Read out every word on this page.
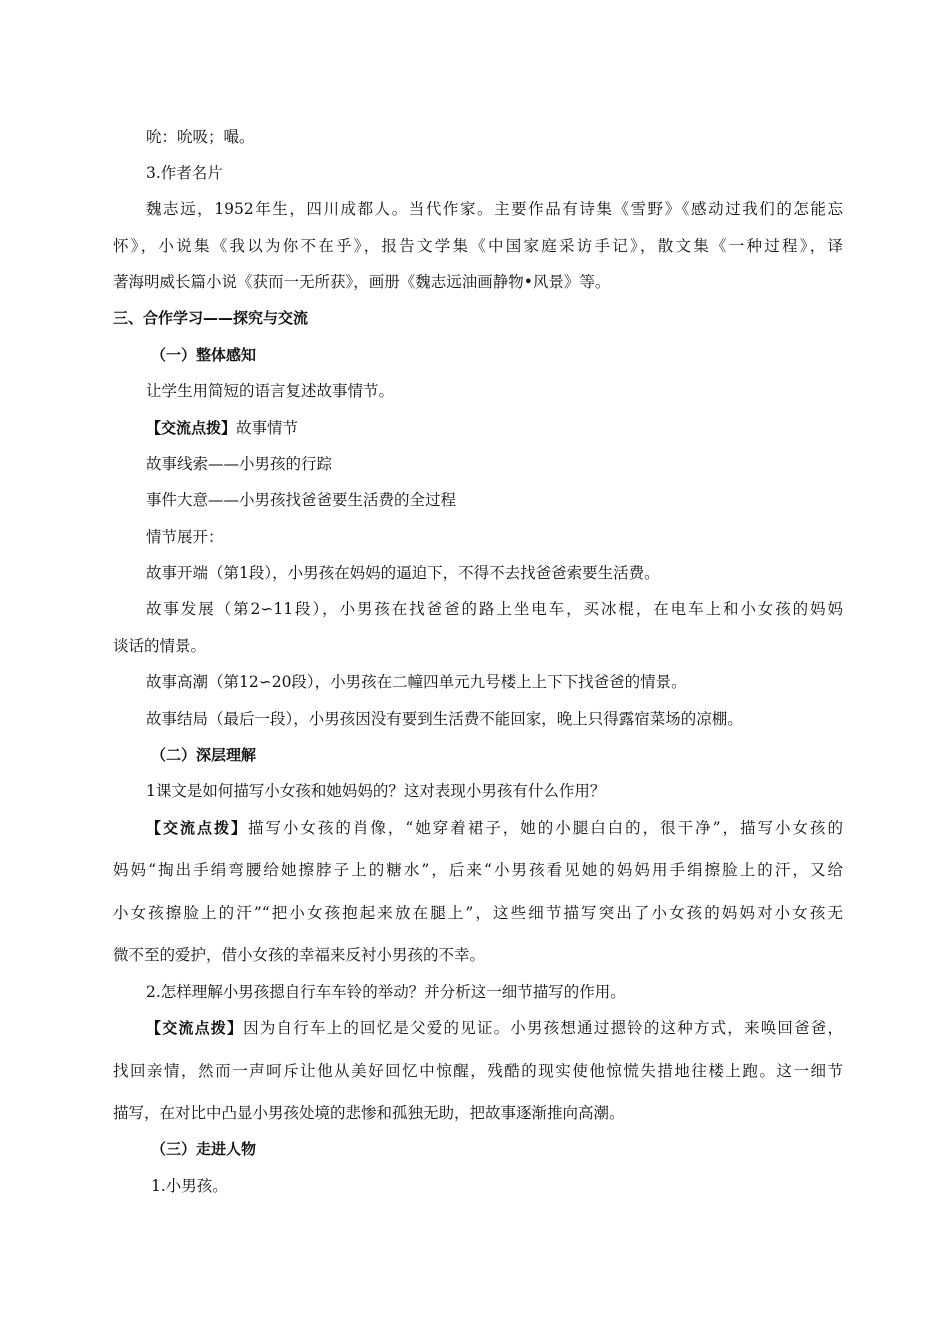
吮：吮吸；嘬。
3.作者名片
魏志远，1952年生，四川成都人。当代作家。主要作品有诗集《雪野》《感动过我们的怎能忘
怀》，小说集《我以为你不在乎》，报告文学集《中国家庭采访手记》，散文集《一种过程》，译
著海明威长篇小说《获而一无所获》，画册《魏志远油画静物•风景》等。
三、合作学习——探究与交流
（一）整体感知
让学生用简短的语言复述故事情节。
【交流点拨】故事情节
故事线索——小男孩的行踪
事件大意——小男孩找爸爸要生活费的全过程
情节展开：
故事开端（第1段），小男孩在妈妈的逼迫下，不得不去找爸爸索要生活费。
故事发展（第2∽11段），小男孩在找爸爸的路上坐电车，买冰棍，在电车上和小女孩的妈妈
谈话的情景。
故事高潮（第12∽20段），小男孩在二幢四单元九号楼上上下下找爸爸的情景。
故事结局（最后一段），小男孩因没有要到生活费不能回家，晚上只得露宿菜场的凉棚。
（二）深层理解
1课文是如何描写小女孩和她妈妈的？这对表现小男孩有什么作用？
【交流点拨】描写小女孩的肖像，“她穿着裙子，她的小腿白白的，很干净”，描写小女孩的
妈妈“掏出手绢弯腰给她擦脖子上的糖水”，后来“小男孩看见她的妈妈用手绢擦脸上的汗，又给
小女孩擦脸上的汗”“把小女孩抱起来放在腿上”，这些细节描写突出了小女孩的妈妈对小女孩无
微不至的爱护，借小女孩的幸福来反衬小男孩的不幸。
2.怎样理解小男孩摁自行车车铃的举动？并分析这一细节描写的作用。
【交流点拨】因为自行车上的回忆是父爱的见证。小男孩想通过摁铃的这种方式，来唤回爸爸，
找回亲情，然而一声呵斥让他从美好回忆中惊醒，残酷的现实使他惊慌失措地往楼上跑。这一细节
描写，在对比中凸显小男孩处境的悲惨和孤独无助，把故事逐渐推向高潮。
（三）走进人物
1.小男孩。
